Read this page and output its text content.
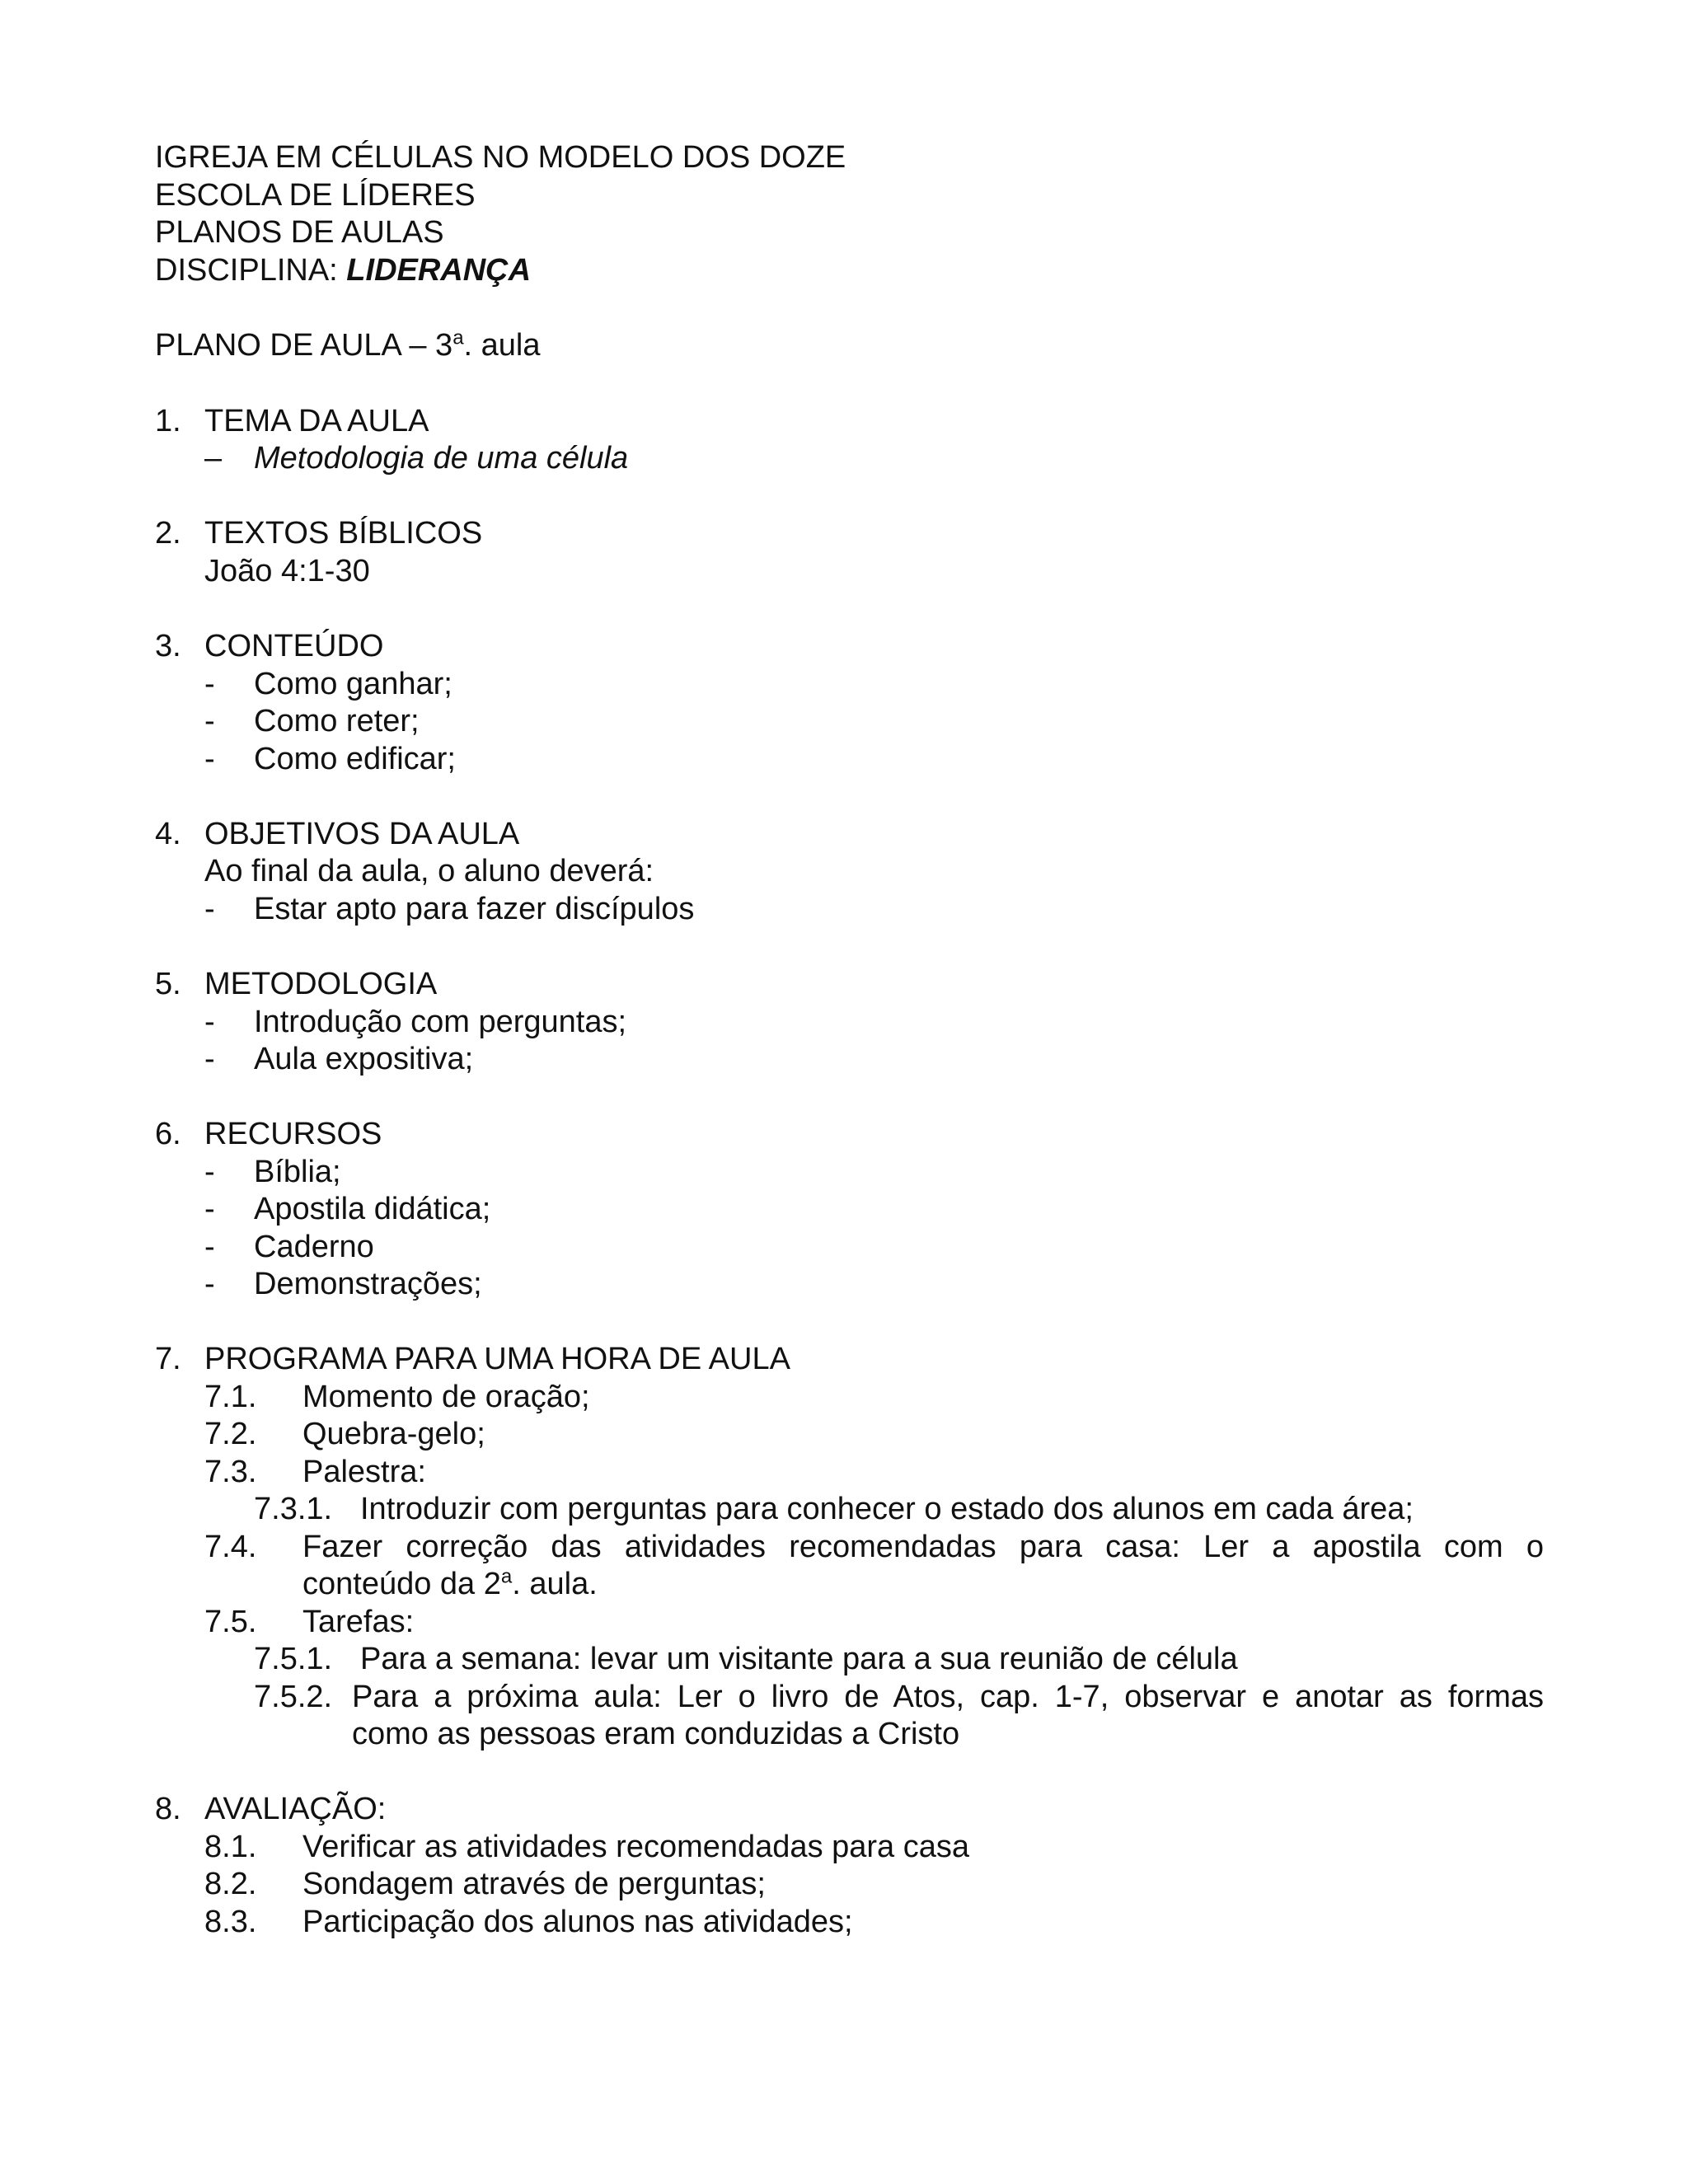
IGREJA EM CÉLULAS NO MODELO DOS DOZE
ESCOLA DE LÍDERES
PLANOS DE AULAS
DISCIPLINA: LIDERANÇA
PLANO DE AULA – 3$^a$. aula
1. TEMA DA AULA
– Metodologia de uma célula
2. TEXTOS BÍBLICOS
João 4:1-30
3. CONTEÚDO
- Como ganhar;
- Como reter;
- Como edificar;
4. OBJETIVOS DA AULA
Ao final da aula, o aluno deverá:
- Estar apto para fazer discípulos
5. METODOLOGIA
- Introdução com perguntas;
- Aula expositiva;
6. RECURSOS
- Bíblia;
- Apostila didática;
- Caderno
- Demonstrações;
7. PROGRAMA PARA UMA HORA DE AULA
7.1. Momento de oração;
7.2. Quebra-gelo;
7.3. Palestra:
7.3.1. Introduzir com perguntas para conhecer o estado dos alunos em cada área;
7.4. Fazer correção das atividades recomendadas para casa: Ler a apostila com o
conteúdo da 2$^a$. aula.
7.5. Tarefas:
7.5.1. Para a semana: levar um visitante para a sua reunião de célula
7.5.2. Para a próxima aula: Ler o livro de Atos, cap. 1-7, observar e anotar as formas
como as pessoas eram conduzidas a Cristo
8. AVALIAÇÃO:
8.1. Verificar as atividades recomendadas para casa
8.2. Sondagem através de perguntas;
8.3. Participação dos alunos nas atividades;
